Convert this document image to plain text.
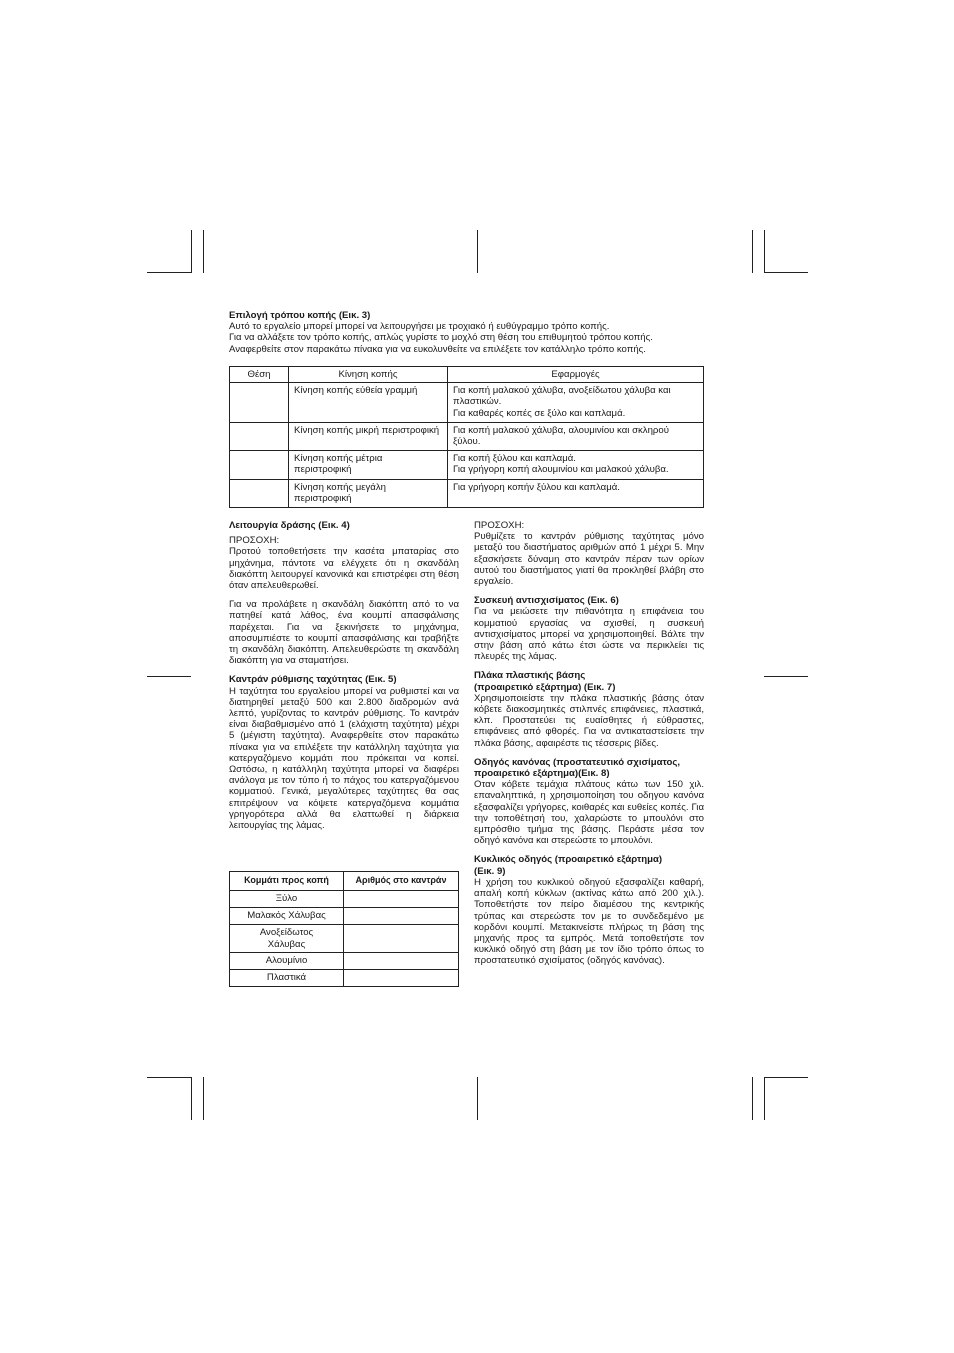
Επιλογή τρόπου κοπής (Εικ. 3)

Αυτό το εργαλείο μπορεί μπορεί να λειτουργήσει με τροχιακό ή ευθύγραμμο τρόπο κοπής.

Για να αλλάξετε τον τρόπο κοπής, απλώς γυρίστε το μοχλό στη θέση του επιθυμητού τρόπου κοπής.

Αναφερθείτε στον παρακάτω πίνακα για να ευκολυνθείτε να επιλέξετε τον κατάλληλο τρόπο κοπής.

Θέση	Κίνηση κοπής	Εφαρμογές
	Κίνηση κοπής εύθεία γραμμή	Για κοπή μαλακού χάλυβα, ανοξείδωτου χάλυβα και πλαστικών.
Για καθαρές κοπές σε ξύλο και καπλαμά.
	Κίνηση κοπής μικρή περιστροφική	Για κοπή μαλακού χάλυβα, αλουμινίου και σκληρού ξύλου.
	Κίνηση κοπής μέτρια περιστροφική	Για κοπή ξύλου και καπλαμά.
Για γρήγορη κοπή αλουμινίου και μαλακού χάλυβα.
	Κίνηση κοπής μεγάλη περιστροφική	Για γρήγορη κοπήν ξύλου και καπλαμά.

Λειτουργία δράσης (Εικ. 4)

ΠΡΟΣΟΧΗ:

Προτού τοποθετήσετε την κασέτα μπαταρίας στο μηχάνημα, πάντοτε να ελέγχετε ότι η σκανδάλη διακόπτη λειτουργεί κανονικά και επιστρέφει στη θέση όταν απελευθερωθεί.

Για να προλάβετε η σκανδάλη διακόπτη από το να πατηθεί κατά λάθος, ένα κουμπί απασφάλισης παρέχεται. Για να ξεκινήσετε το μηχάνημα, αποσυμπιέστε το κουμπί απασφάλισης και τραβήξτε τη σκανδάλη διακόπτη. Απελευθερώστε τη σκανδάλη διακόπτη για να σταματήσει.

Καντράν ρύθμισης ταχύτητας (Εικ. 5)

Η ταχύτητα του εργαλείου μπορεί να ρυθμιστεί και να διατηρηθεί μεταξύ 500 και 2.800 διαδρομών ανά λεπτό, γυρίζοντας το καντράν ρύθμισης. Το καντράν είναι διαβαθμισμένο από 1 (ελάχιστη ταχύτητα) μέχρι 5 (μέγιστη ταχύτητα). Αναφερθείτε στον παρακάτω πίνακα για να επιλέξετε την κατάλληλη ταχύτητα για κατεργαζόμενο κομμάτι που πρόκειται να κοπεί. Ωστόσω, η κατάλληλη ταχύτητα μπορεί να διαφέρει ανάλογα με τον τύπο ή το πάχος του κατεργαζόμενου κομματιού. Γενικά, μεγαλύτερες ταχύτητες θα σας επιτρέψουν να κόψετε κατεργαζόμενα κομμάτια γρηγορότερα αλλά θα ελαττωθεί η διάρκεια λειτουργίας της λάμας.

Κομμάτι προς κοπή	Αριθμός στο καντράν
Ξύλο	
Μαλακός Χάλυβας	
Ανοξείδωτος Χάλυβας	
Αλουμίνιο	
Πλαστικά	

ΠΡΟΣΟΧΗ:

Ρυθμίζετε το καντράν ρύθμισης ταχύτητας μόνο μεταξύ του διαστήματος αριθμών από 1 μέχρι 5. Μην εξασκήσετε δύναμη στο καντράν πέραν των ορίων αυτού του διαστήματος γιατί θα προκληθεί βλάβη στο εργαλείο.

Συσκευή αντισχισίματος (Εικ. 6)

Για να μειώσετε την πιθανότητα η επιφάνεια του κομματιού εργασίας να σχισθεί, η συσκευή αντισχισίματος μπορεί να χρησιμοποιηθεί. Βάλτε την στην βάση από κάτω έτσι ώστε να περικλείει τις πλευρές της λάμας.

Πλάκα πλαστικής βάσης

(προαιρετικό εξάρτημα) (Εικ. 7)

Χρησιμοποιείστε την πλάκα πλαστικής βάσης όταν κόβετε διακοσμητικές στιλπνές επιφάνειες, πλαστικά, κλπ. Προστατεύει τις ευαίσθητες ή εύθραστες, επιφάνειες από φθορές. Για να αντικαταστείσετε την πλάκα βάσης, αφαιρέστε τις τέσσερις βίδες.

Οδηγός κανόνας (προστατευτικό σχισίματος,

προαιρετικό εξάρτημα)(Εικ. 8)

Οταν κόβετε τεμάχια πλάτους κάτω των 150 χιλ. επαναληπτικά, η χρησιμοποίηση του οδηγου κανόνα εξασφαλίζει γρήγορες, κοιθαρές και ευθείες κοπές. Για την τοποθέτησή του, χαλαρώστε το μπουλόνι στο εμπρόσθιο τμήμα της βάσης. Περάστε μέσα τον οδηγό κανόνα και στερεώστε το μπουλόνι.

Κυκλικός οδηγός (προαιρετικό εξάρτημα)

(Εικ. 9)

Η χρήση του κυκλικού οδηγού εξασφαλίζει καθαρή, απαλή κοπή κύκλων (ακτίνας κάτω από 200 χιλ.). Τοποθετήστε τον πείρο διαμέσου της κεντρικής τρύπας και στερεώστε τον με το συνδεδεμένο με κορδόνι κουμπί. Μετακινείστε πλήρως τη βάση της μηχανής προς τα εμπρός. Μετά τοποθετήστε τον κυκλικό οδηγό στη βάση με τον ίδιο τρόπο όπως το προστατευτικό σχισίματος (οδηγός κανόνας).
